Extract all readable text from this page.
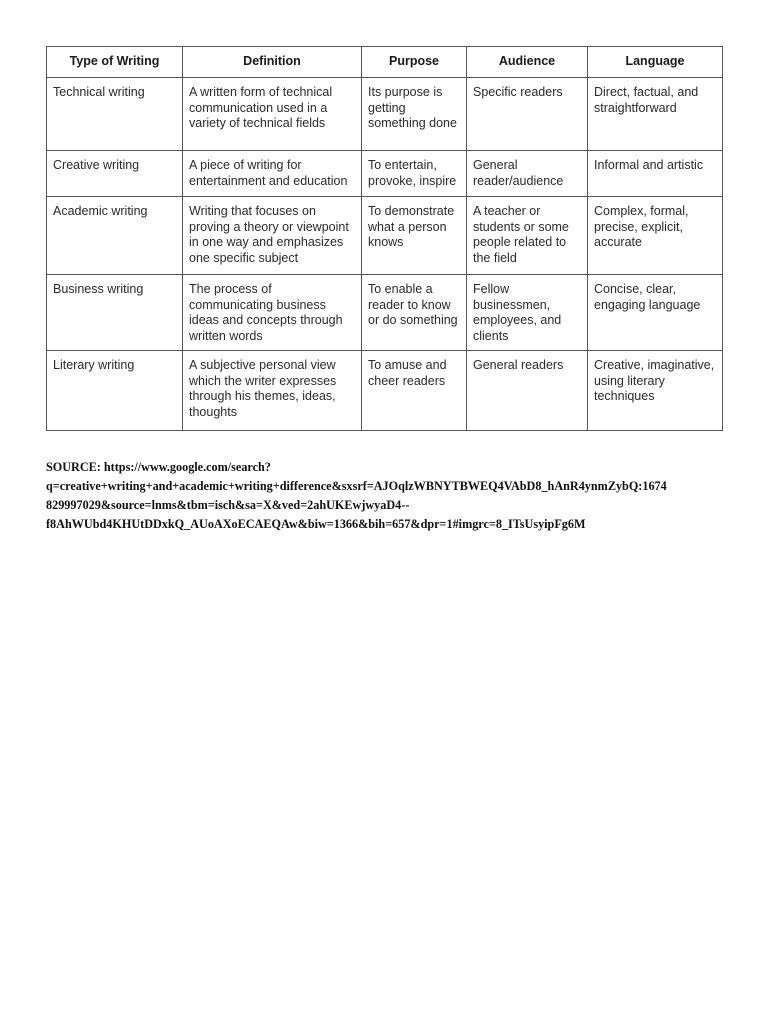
Type of Writing	Definition	Purpose	Audience	Language
Technical writing	A written form of technical communication used in a variety of technical fields	Its purpose is getting something done	Specific readers	Direct, factual, and straightforward
Creative writing	A piece of writing for entertainment and education	To entertain, provoke, inspire	General reader/audience	Informal and artistic
Academic writing	Writing that focuses on proving a theory or viewpoint in one way and emphasizes one specific subject	To demonstrate what a person knows	A teacher or students or some people related to the field	Complex, formal, precise, explicit, accurate
Business writing	The process of communicating business ideas and concepts through written words	To enable a reader to know or do something	Fellow businessmen, employees, and clients	Concise, clear, engaging language
Literary writing	A subjective personal view which the writer expresses through his themes, ideas, thoughts	To amuse and cheer readers	General readers	Creative, imaginative, using literary techniques
SOURCE: https://www.google.com/search?
q=creative+writing+and+academic+writing+difference&sxsrf=AJOqlzWBNYTBWEQ4VAbD8_hAnR4ynmZybQ:1674
829997029&source=lnms&tbm=isch&sa=X&ved=2ahUKEwjwyaD4--
f8AhWUbd4KHUtDDxkQ_AUoAXoECAEQAw&biw=1366&bih=657&dpr=1#imgrc=8_ITsUsyipFg6M
